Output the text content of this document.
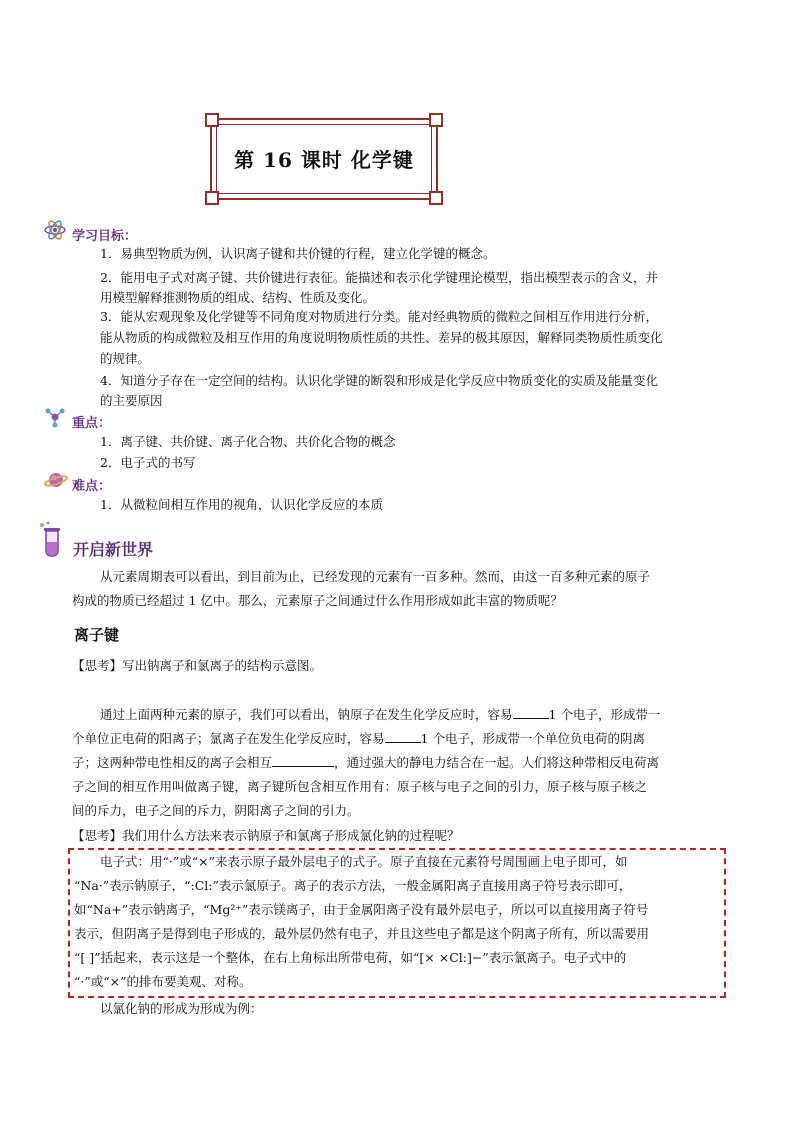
第 16 课时 化学键
学习目标：
1．易典型物质为例，认识离子键和共价键的行程，建立化学键的概念。
2．能用电子式对离子键、共价键进行表征。能描述和表示化学键理论模型，指出模型表示的含义，并
用模型解释推测物质的组成、结构、性质及变化。
3．能从宏观现象及化学键等不同角度对物质进行分类。能对经典物质的微粒之间相互作用进行分析，
能从物质的构成微粒及相互作用的角度说明物质性质的共性、差异的极其原因，解释同类物质性质变化
的规律。
4．知道分子存在一定空间的结构。认识化学键的断裂和形成是化学反应中物质变化的实质及能量变化
的主要原因
重点：
1．离子键、共价键、离子化合物、共价化合物的概念
2．电子式的书写
难点：
1．从微粒间相互作用的视角，认识化学反应的本质
开启新世界
从元素周期表可以看出，到目前为止，已经发现的元素有一百多种。然而，由这一百多种元素的原子
构成的物质已经超过 1 亿中。那么，元素原子之间通过什么作用形成如此丰富的物质呢？
离子键
【思考】写出钠离子和氯离子的结构示意图。
通过上面两种元素的原子，我们可以看出，钠原子在发生化学反应时，容易	1 个电子，形成带一
个单位正电荷的阳离子；氯离子在发生化学反应时，容易	1 个电子，形成带一个单位负电荷的阴离
子；这两种带电性相反的离子会相互	，通过强大的静电力结合在一起。人们将这种带相反电荷离
子之间的相互作用叫做离子键，离子键所包含相互作用有：原子核与电子之间的引力，原子核与原子核之
间的斥力，电子之间的斥力，阴阳离子之间的引力。
【思考】我们用什么方法来表示钠原子和氯离子形成氯化钠的过程呢？
电子式：用“·”或“×”来表示原子最外层电子的式子。原子直接在元素符号周围画上电子即可，如
“Na·”表示钠原子，“:Cl:”表示氯原子。离子的表示方法，一般金属阳离子直接用离子符号表示即可，
如“Na+”表示钠离子，“Mg²⁺”表示镁离子，由于金属阳离子没有最外层电子，所以可以直接用离子符号
表示，但阴离子是得到电子形成的，最外层仍然有电子，并且这些电子都是这个阴离子所有，所以需要用
“[ ]”括起来，表示这是一个整体，在右上角标出所带电荷，如“[× ×Cl:]−”表示氯离子。电子式中的
“·”或“×”的排布要美观、对称。
以氯化钠的形成为形成为例：
